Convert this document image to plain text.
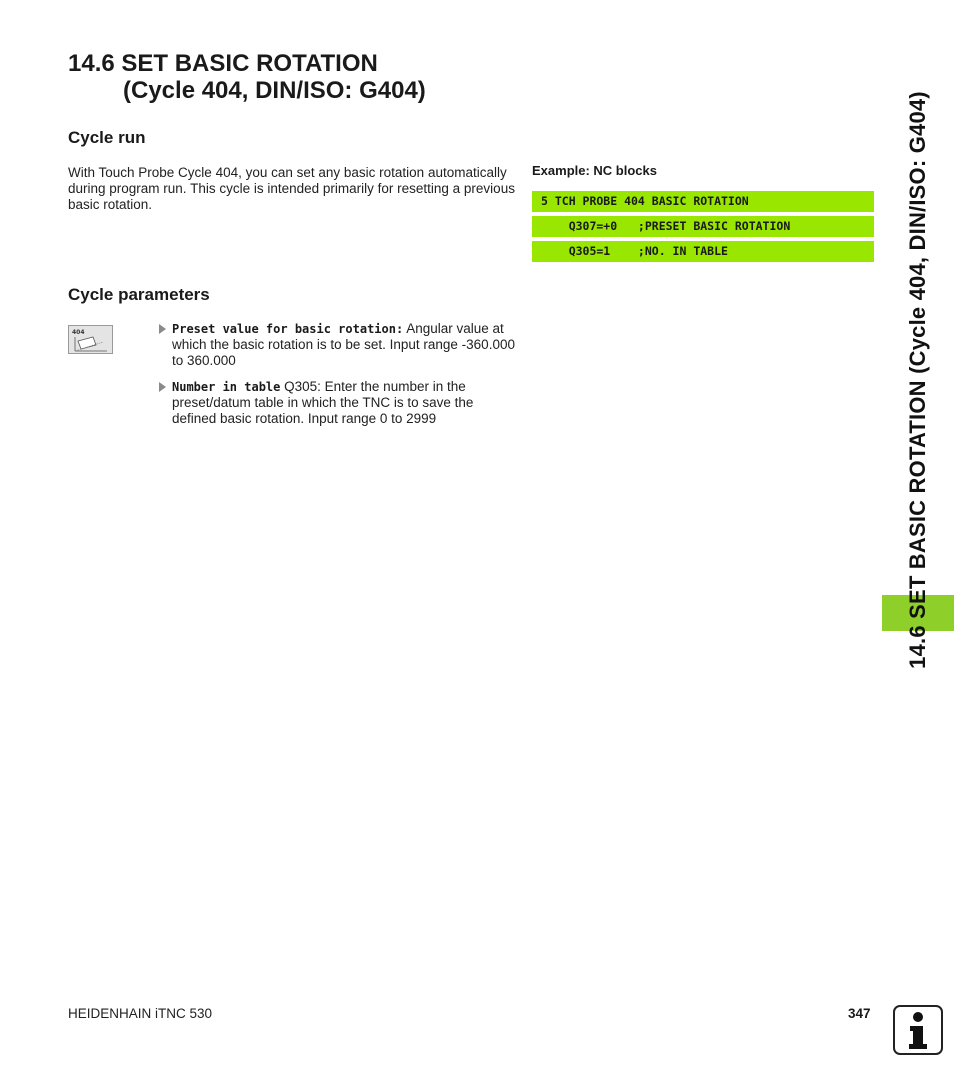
14.6 SET BASIC ROTATION
(Cycle 404, DIN/ISO: G404)
Cycle run
With Touch Probe Cycle 404, you can set any basic rotation automatically during program run. This cycle is intended primarily for resetting a previous basic rotation.
Example: NC blocks
5 TCH PROBE 404 BASIC ROTATION
Q307=+0   ;PRESET BASIC ROTATION
Q305=1    ;NO. IN TABLE
Cycle parameters
404	Preset value for basic rotation: Angular value at which the basic rotation is to be set. Input range -360.000 to 360.000
Number in table Q305: Enter the number in the preset/datum table in which the TNC is to save the defined basic rotation. Input range 0 to 2999	14.6 SET BASIC ROTATION (Cycle 404, DIN/ISO: G404)
HEIDENHAIN iTNC 530	347
